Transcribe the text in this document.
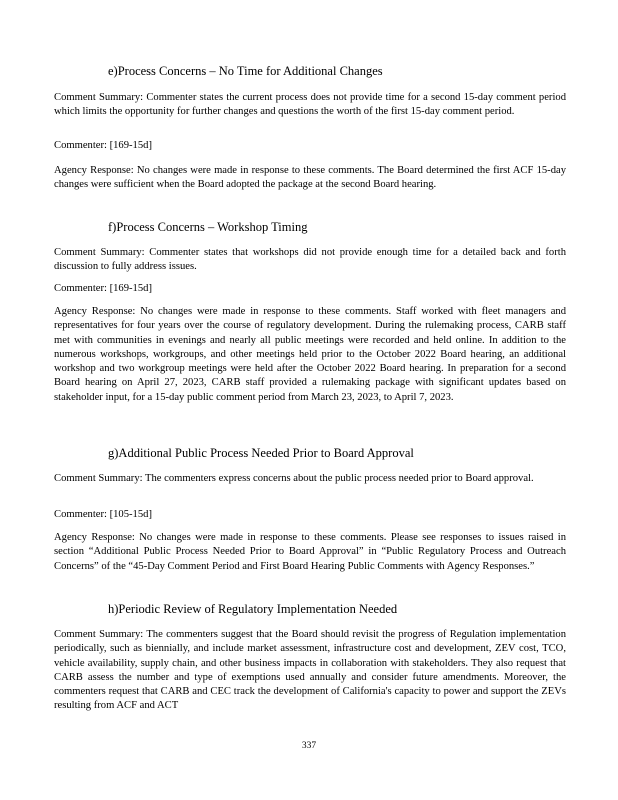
e)Process Concerns – No Time for Additional Changes
Comment Summary: Commenter states the current process does not provide time for a second 15-day comment period which limits the opportunity for further changes and questions the worth of the first 15-day comment period.
Commenter: [169-15d]
Agency Response: No changes were made in response to these comments. The Board determined the first ACF 15-day changes were sufficient when the Board adopted the package at the second Board hearing.
f)Process Concerns – Workshop Timing
Comment Summary: Commenter states that workshops did not provide enough time for a detailed back and forth discussion to fully address issues.
Commenter: [169-15d]
Agency Response: No changes were made in response to these comments. Staff worked with fleet managers and representatives for four years over the course of regulatory development. During the rulemaking process, CARB staff met with communities in evenings and nearly all public meetings were recorded and held online. In addition to the numerous workshops, workgroups, and other meetings held prior to the October 2022 Board hearing, an additional workshop and two workgroup meetings were held after the October 2022 Board hearing. In preparation for a second Board hearing on April 27, 2023, CARB staff provided a rulemaking package with significant updates based on stakeholder input, for a 15-day public comment period from March 23, 2023, to April 7, 2023.
g)Additional Public Process Needed Prior to Board Approval
Comment Summary: The commenters express concerns about the public process needed prior to Board approval.
Commenter: [105-15d]
Agency Response: No changes were made in response to these comments. Please see responses to issues raised in section “Additional Public Process Needed Prior to Board Approval” in “Public Regulatory Process and Outreach Concerns” of the “45-Day Comment Period and First Board Hearing Public Comments with Agency Responses.”
h)Periodic Review of Regulatory Implementation Needed
Comment Summary: The commenters suggest that the Board should revisit the progress of Regulation implementation periodically, such as biennially, and include market assessment, infrastructure cost and development, ZEV cost, TCO, vehicle availability, supply chain, and other business impacts in collaboration with stakeholders. They also request that CARB assess the number and type of exemptions used annually and consider future amendments. Moreover, the commenters request that CARB and CEC track the development of California's capacity to power and support the ZEVs resulting from ACF and ACT
337
